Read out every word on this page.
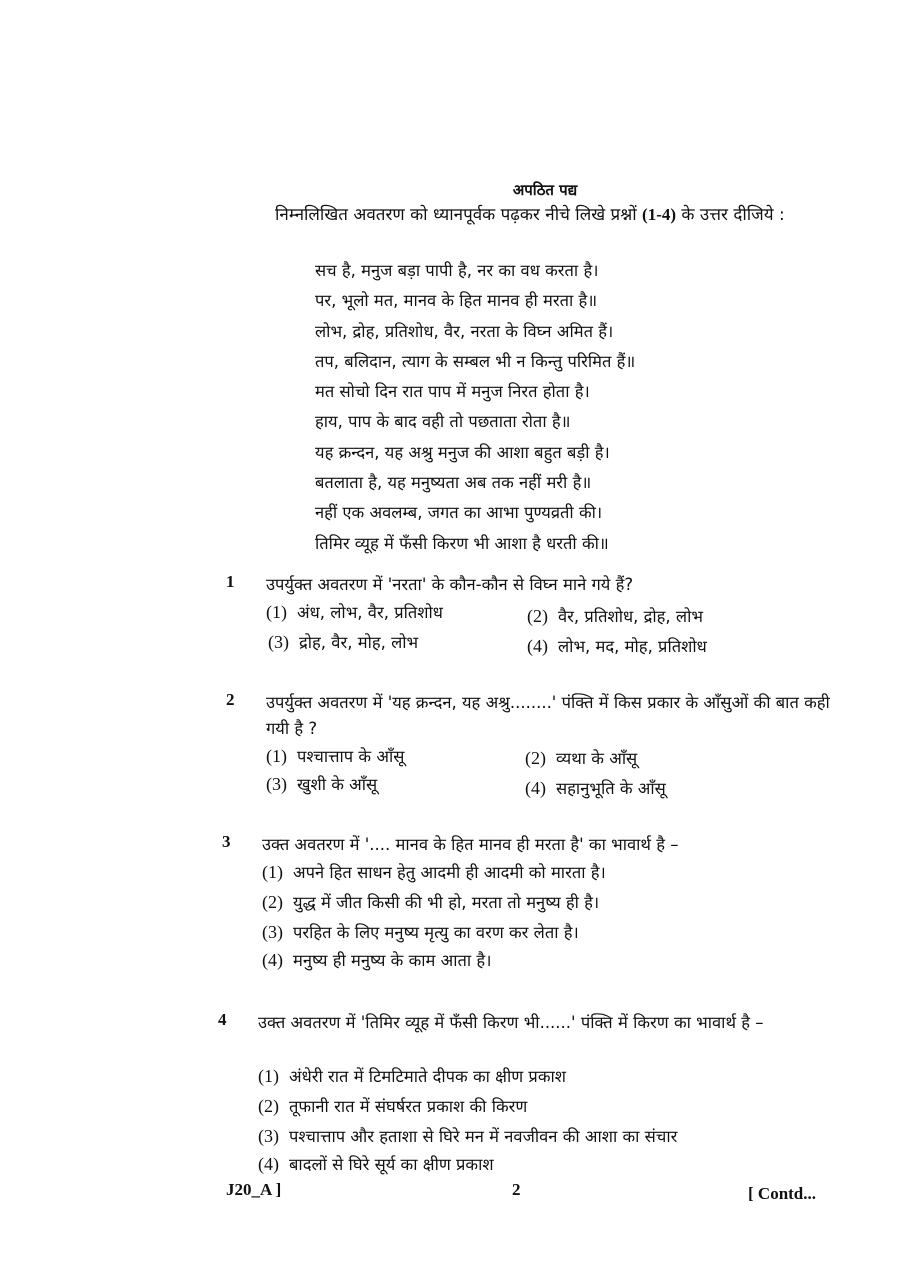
अपठित पद्य
निम्नलिखित अवतरण को ध्यानपूर्वक पढ़कर नीचे लिखे प्रश्नों (1-4) के उत्तर दीजिये :
सच है, मनुज बड़ा पापी है, नर का वध करता है।
पर, भूलो मत, मानव के हित मानव ही मरता है॥
लोभ, द्रोह, प्रतिशोध, वैर, नरता के विघ्न अमित हैं।
तप, बलिदान, त्याग के सम्बल भी न किन्तु परिमित हैं॥
मत सोचो दिन रात पाप में मनुज निरत होता है।
हाय, पाप के बाद वही तो पछताता रोता है॥
यह क्रन्दन, यह अश्रु मनुज की आशा बहुत बड़ी है।
बतलाता है, यह मनुष्यता अब तक नहीं मरी है॥
नहीं एक अवलम्ब, जगत का आभा पुण्यव्रती की।
तिमिर व्यूह में फँसी किरण भी आशा है धरती की॥
1 उपर्युक्त अवतरण में 'नरता' के कौन-कौन से विघ्न माने गये हैं?
(1) अंध, लोभ, वैर, प्रतिशोध	(2) वैर, प्रतिशोध, द्रोह, लोभ
(3) द्रोह, वैर, मोह, लोभ	(4) लोभ, मद, मोह, प्रतिशोध
2 उपर्युक्त अवतरण में 'यह क्रन्दन, यह अश्रु........' पंक्ति में किस प्रकार के आँसुओं की बात कही गयी है ?
(1) पश्चात्ताप के आँसू	(2) व्यथा के आँसू
(3) खुशी के आँसू	(4) सहानुभूति के आँसू
3 उक्त अवतरण में '.... मानव के हित मानव ही मरता है' का भावार्थ है –
(1) अपने हित साधन हेतु आदमी ही आदमी को मारता है।
(2) युद्ध में जीत किसी की भी हो, मरता तो मनुष्य ही है।
(3) परहित के लिए मनुष्य मृत्यु का वरण कर लेता है।
(4) मनुष्य ही मनुष्य के काम आता है।
4 उक्त अवतरण में 'तिमिर व्यूह में फँसी किरण भी......' पंक्ति में किरण का भावार्थ है –
(1) अंधेरी रात में टिमटिमाते दीपक का क्षीण प्रकाश
(2) तूफानी रात में संघर्षरत प्रकाश की किरण
(3) पश्चात्ताप और हताशा से घिरे मन में नवजीवन की आशा का संचार
(4) बादलों से घिरे सूर्य का क्षीण प्रकाश
J20_A ]	2	[ Contd...
